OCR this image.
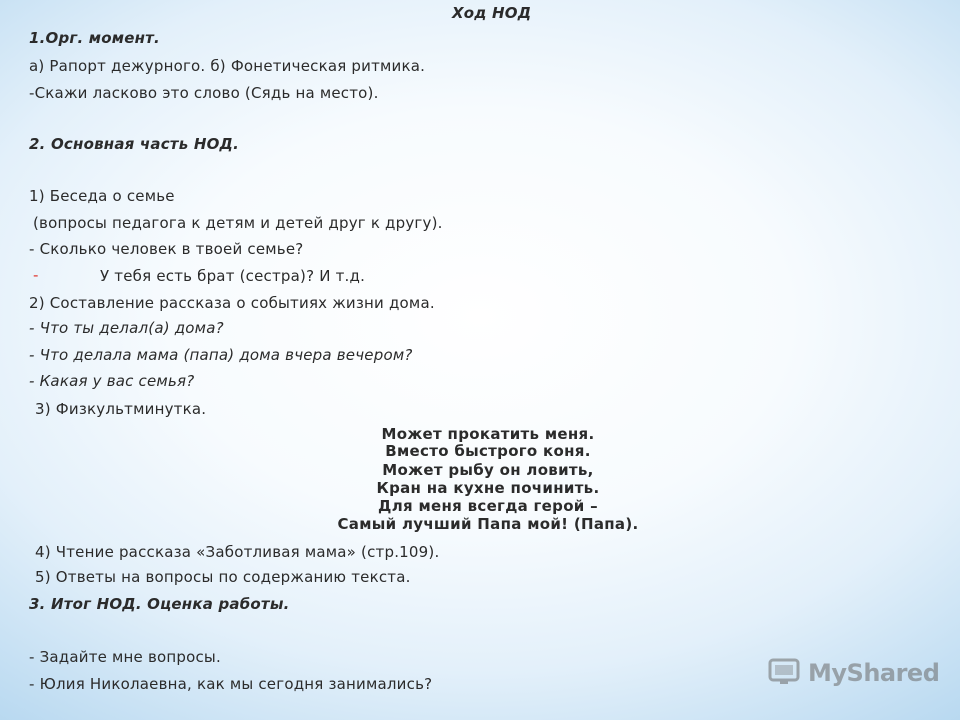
Ход НОД
1.Орг. момент.
а) Рапорт дежурного. б) Фонетическая ритмика.
-Скажи ласково это слово (Сядь на место).
2. Основная часть НОД.
1) Беседа о семье
(вопросы педагога к детям и детей друг к другу).
- Сколько человек в твоей семье?
-	У тебя есть брат (сестра)? И т.д.
2) Составление рассказа о событиях жизни дома.
- Что ты делал(а) дома?
- Что делала мама (папа) дома вчера вечером?
- Какая у вас семья?
3) Физкультминутка.
Может прокатить меня.
Вместо быстрого коня.
Может рыбу он ловить,
Кран на кухне починить.
Для меня всегда герой –
Самый лучший Папа мой! (Папа).
4) Чтение рассказа «Заботливая мама» (стр.109).
5) Ответы на вопросы по содержанию текста.
3. Итог НОД. Оценка работы.
- Задайте мне вопросы.
- Юлия Николаевна, как мы сегодня занимались?	MyShared
